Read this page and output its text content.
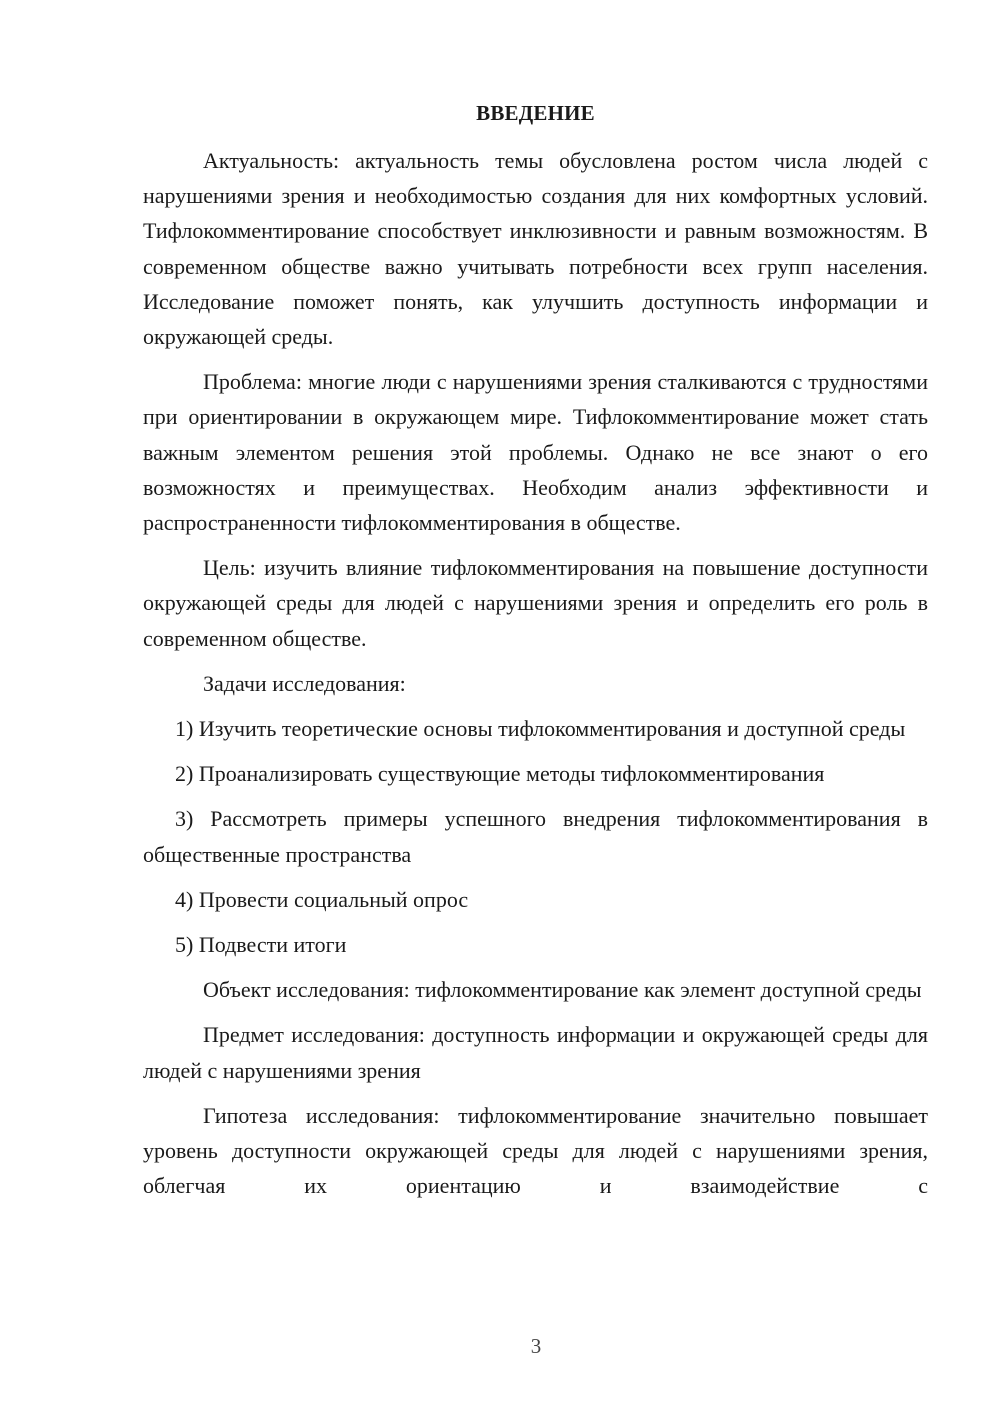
ВВЕДЕНИЕ

Актуальность: актуальность темы обусловлена ростом числа людей с нарушениями зрения и необходимостью создания для них комфортных условий. Тифлокомментирование способствует инклюзивности и равным возможностям. В современном обществе важно учитывать потребности всех групп населения. Исследование поможет понять, как улучшить доступность информации и окружающей среды.

Проблема: многие люди с нарушениями зрения сталкиваются с трудностями при ориентировании в окружающем мире. Тифлокомментирование может стать важным элементом решения этой проблемы. Однако не все знают о его возможностях и преимуществах. Необходим анализ эффективности и распространенности тифлокомментирования в обществе.

Цель: изучить влияние тифлокомментирования на повышение доступности окружающей среды для людей с нарушениями зрения и определить его роль в современном обществе.

Задачи исследования:

1) Изучить теоретические основы тифлокомментирования и доступной среды

2) Проанализировать существующие методы тифлокомментирования

3) Рассмотреть примеры успешного внедрения тифлокомментирования в общественные пространства

4) Провести социальный опрос

5) Подвести итоги

Объект исследования: тифлокомментирование как элемент доступной среды

Предмет исследования: доступность информации и окружающей среды для людей с нарушениями зрения

Гипотеза исследования: тифлокомментирование значительно повышает уровень доступности окружающей среды для людей с нарушениями зрения, облегчая их ориентацию и взаимодействие с

3
